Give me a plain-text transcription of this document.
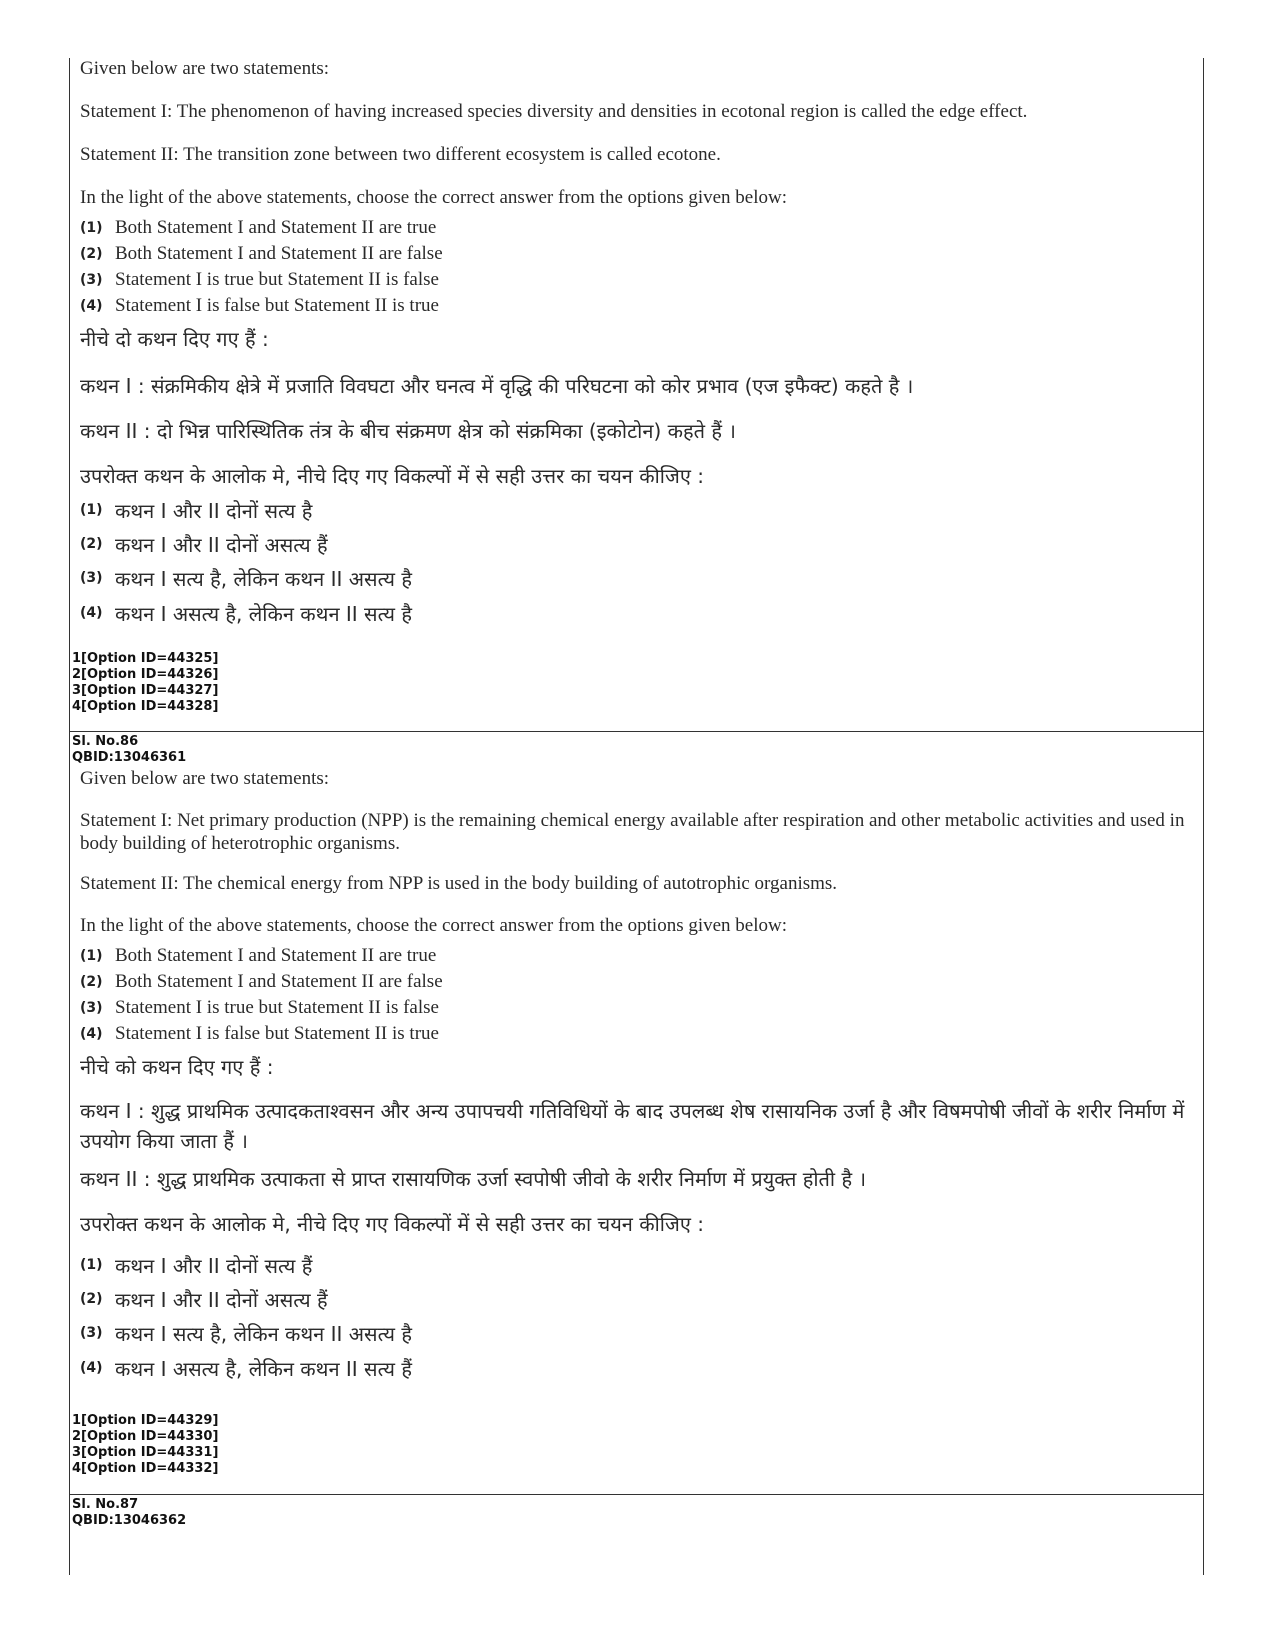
Given below are two statements:
Statement I: The phenomenon of having increased species diversity and densities in ecotonal region is called the edge effect.
Statement II: The transition zone between two different ecosystem is called ecotone.
In the light of the above statements, choose the correct answer from the options given below:
(1) Both Statement I and Statement II are true
(2) Both Statement I and Statement II are false
(3) Statement I is true but Statement II is false
(4) Statement I is false but Statement II is true
नीचे दो कथन दिए गए हैं :
कथन I : संक्रमिकीय क्षेत्रे में प्रजाति विवघटा और घनत्व में वृद्धि की परिघटना को कोर प्रभाव (एज इफैक्ट) कहते है ।
कथन II : दो भिन्न पारिस्थितिक तंत्र के बीच संक्रमण क्षेत्र को संक्रमिका (इकोटोन) कहते हैं ।
उपरोक्त कथन के आलोक मे, नीचे दिए गए विकल्पों में से सही उत्तर का चयन कीजिए :
(1) कथन I और II दोनों सत्य है
(2) कथन I और II दोनों असत्य हैं
(3) कथन I सत्य है, लेकिन कथन II असत्य है
(4) कथन I असत्य है, लेकिन कथन II सत्य है
1[Option ID=44325]
2[Option ID=44326]
3[Option ID=44327]
4[Option ID=44328]
Sl. No.86
QBID:13046361
Given below are two statements:
Statement I: Net primary production (NPP) is the remaining chemical energy available after respiration and other metabolic activities and used in body building of heterotrophic organisms.
Statement II: The chemical energy from NPP is used in the body building of autotrophic organisms.
In the light of the above statements, choose the correct answer from the options given below:
(1) Both Statement I and Statement II are true
(2) Both Statement I and Statement II are false
(3) Statement I is true but Statement II is false
(4) Statement I is false but Statement II is true
नीचे को कथन दिए गए हैं :
कथन I : शुद्ध प्राथमिक उत्पादकताश्वसन और अन्य उपापचयी गतिविधियों के बाद उपलब्ध शेष रासायनिक उर्जा है और विषमपोषी जीवों के शरीर निर्माण में उपयोग किया जाता हैं ।
कथन II : शुद्ध प्राथमिक उत्पाकता से प्राप्त रासायणिक उर्जा स्वपोषी जीवो के शरीर निर्माण में प्रयुक्त होती है ।
उपरोक्त कथन के आलोक मे, नीचे दिए गए विकल्पों में से सही उत्तर का चयन कीजिए :
(1) कथन I और II दोनों सत्य हैं
(2) कथन I और II दोनों असत्य हैं
(3) कथन I सत्य है, लेकिन कथन II असत्य है
(4) कथन I असत्य है, लेकिन कथन II सत्य हैं
1[Option ID=44329]
2[Option ID=44330]
3[Option ID=44331]
4[Option ID=44332]
Sl. No.87
QBID:13046362
